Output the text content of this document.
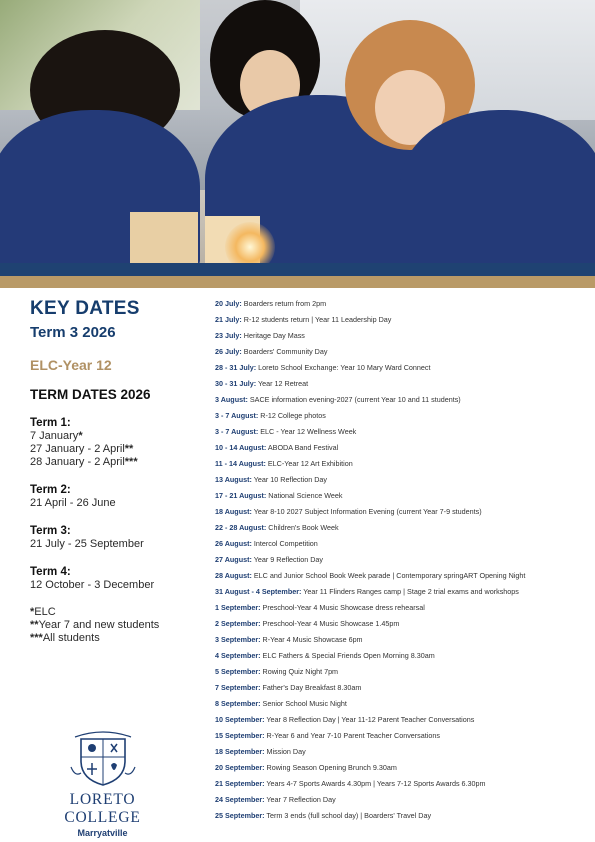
KEY DATES
Term 3 2026
ELC-Year 12
TERM DATES 2026
Term 1:
7 January*
27 January - 2 April**
28 January - 2 April***
Term 2:
21 April - 26 June
Term 3:
21 July - 25 September
Term 4:
12 October - 3 December
*ELC
**Year 7 and new students
***All students
LORETO COLLEGE
Marryatville
20 July: Boarders return from 2pm
21 July: R-12 students return | Year 11 Leadership Day
23 July: Heritage Day Mass
26 July: Boarders' Community Day
28 - 31 July: Loreto School Exchange: Year 10 Mary Ward Connect
30 - 31 July: Year 12 Retreat
3 August: SACE information evening-2027 (current Year 10 and 11 students)
3 - 7 August: R-12 College photos
3 - 7 August: ELC - Year 12 Wellness Week
10 - 14 August: ABODA Band Festival
11 - 14 August: ELC-Year 12 Art Exhibition
13 August: Year 10 Reflection Day
17 - 21 August: National Science Week
18 August: Year 8-10 2027 Subject Information Evening (current Year 7-9 students)
22 - 28 August: Children's Book Week
26 August: Intercol Competition
27 August: Year 9 Reflection Day
28 August: ELC and Junior School Book Week parade | Contemporary springART Opening Night
31 August - 4 September: Year 11 Flinders Ranges camp | Stage 2 trial exams and workshops
1 September: Preschool-Year 4 Music Showcase dress rehearsal
2 September: Preschool-Year 4 Music Showcase 1.45pm
3 September: R-Year 4 Music Showcase 6pm
4 September: ELC Fathers & Special Friends Open Morning 8.30am
5 September: Rowing Quiz Night 7pm
7 September: Father's Day Breakfast 8.30am
8 September: Senior School Music Night
10 September: Year 8 Reflection Day | Year 11-12 Parent Teacher Conversations
15 September: R-Year 6 and Year 7-10 Parent Teacher Conversations
18 September: Mission Day
20 September: Rowing Season Opening Brunch 9.30am
21 September: Years 4-7 Sports Awards 4.30pm | Years 7-12 Sports Awards 6.30pm
24 September: Year 7 Reflection Day
25 September: Term 3 ends (full school day) | Boarders' Travel Day
